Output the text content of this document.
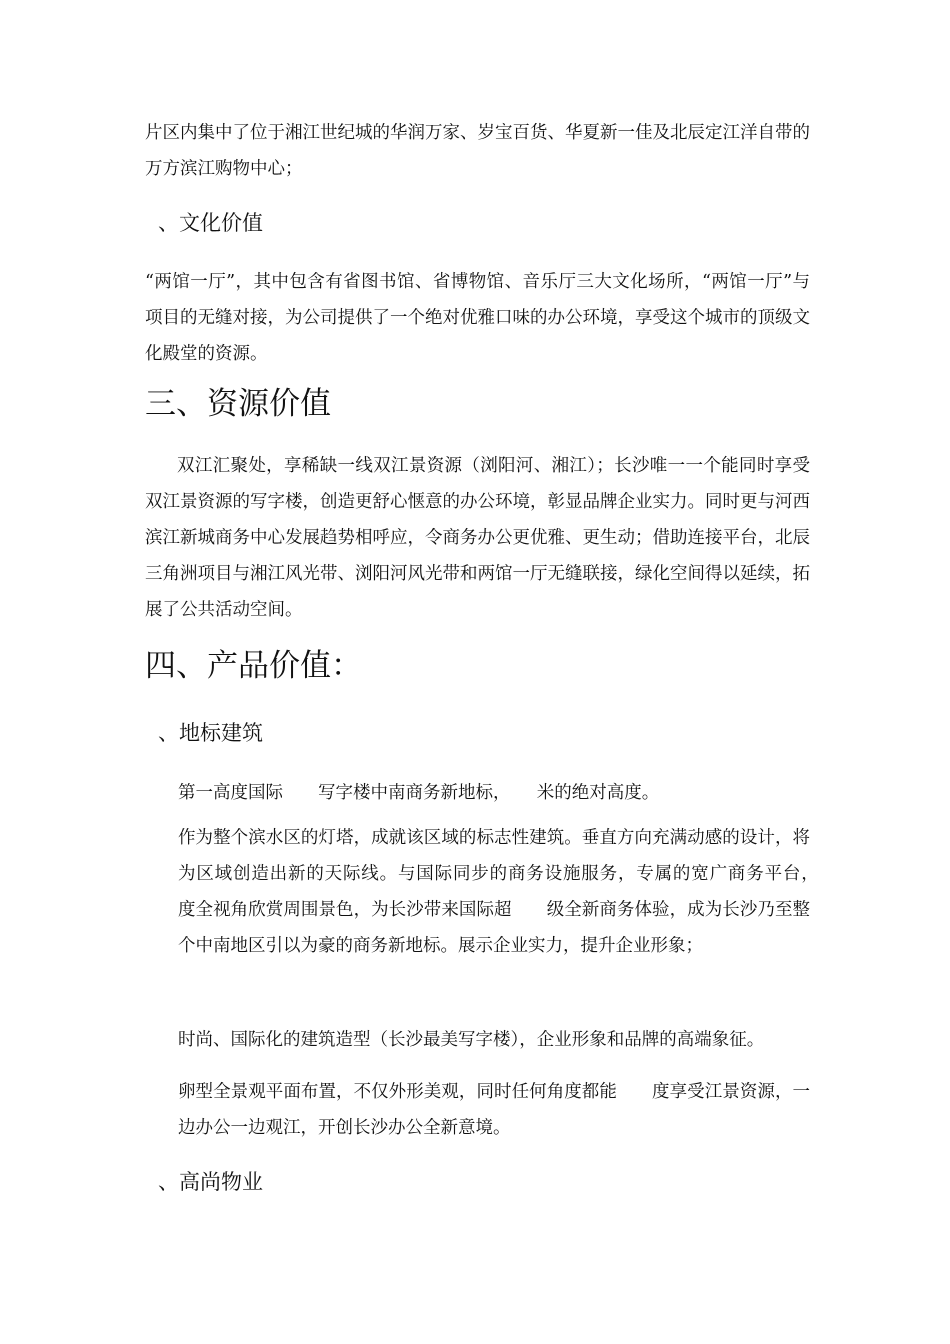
片区内集中了位于湘江世纪城的华润万家、岁宝百货、华夏新一佳及北辰定江洋自带的　　万方滨江购物中心；

、文化价值

“两馆一厅”，其中包含有省图书馆、省博物馆、音乐厅三大文化场所，“两馆一厅”与项目的无缝对接，为公司提供了一个绝对优雅口味的办公环境，享受这个城市的顶级文化殿堂的资源。

三、资源价值

双江汇聚处，享稀缺一线双江景资源（浏阳河、湘江）；长沙唯一一个能同时享受双江景资源的写字楼，创造更舒心惬意的办公环境，彰显品牌企业实力。同时更与河西滨江新城商务中心发展趋势相呼应，令商务办公更优雅、更生动；借助连接平台，北辰三角洲项目与湘江风光带、浏阳河风光带和两馆一厅无缝联接，绿化空间得以延续，拓展了公共活动空间。

四、产品价值：

、地标建筑

第一高度国际　　写字楼中南商务新地标，　　米的绝对高度。

作为整个滨水区的灯塔，成就该区域的标志性建筑。垂直方向充满动感的设计，将为区域创造出新的天际线。与国际同步的商务设施服务，专属的宽广商务平台，　　度全视角欣赏周围景色，为长沙带来国际超　　级全新商务体验，成为长沙乃至整个中南地区引以为豪的商务新地标。展示企业实力，提升企业形象；

时尚、国际化的建筑造型（长沙最美写字楼），企业形象和品牌的高端象征。

卵型全景观平面布置，不仅外形美观，同时任何角度都能　　度享受江景资源，一边办公一边观江，开创长沙办公全新意境。

、高尚物业
